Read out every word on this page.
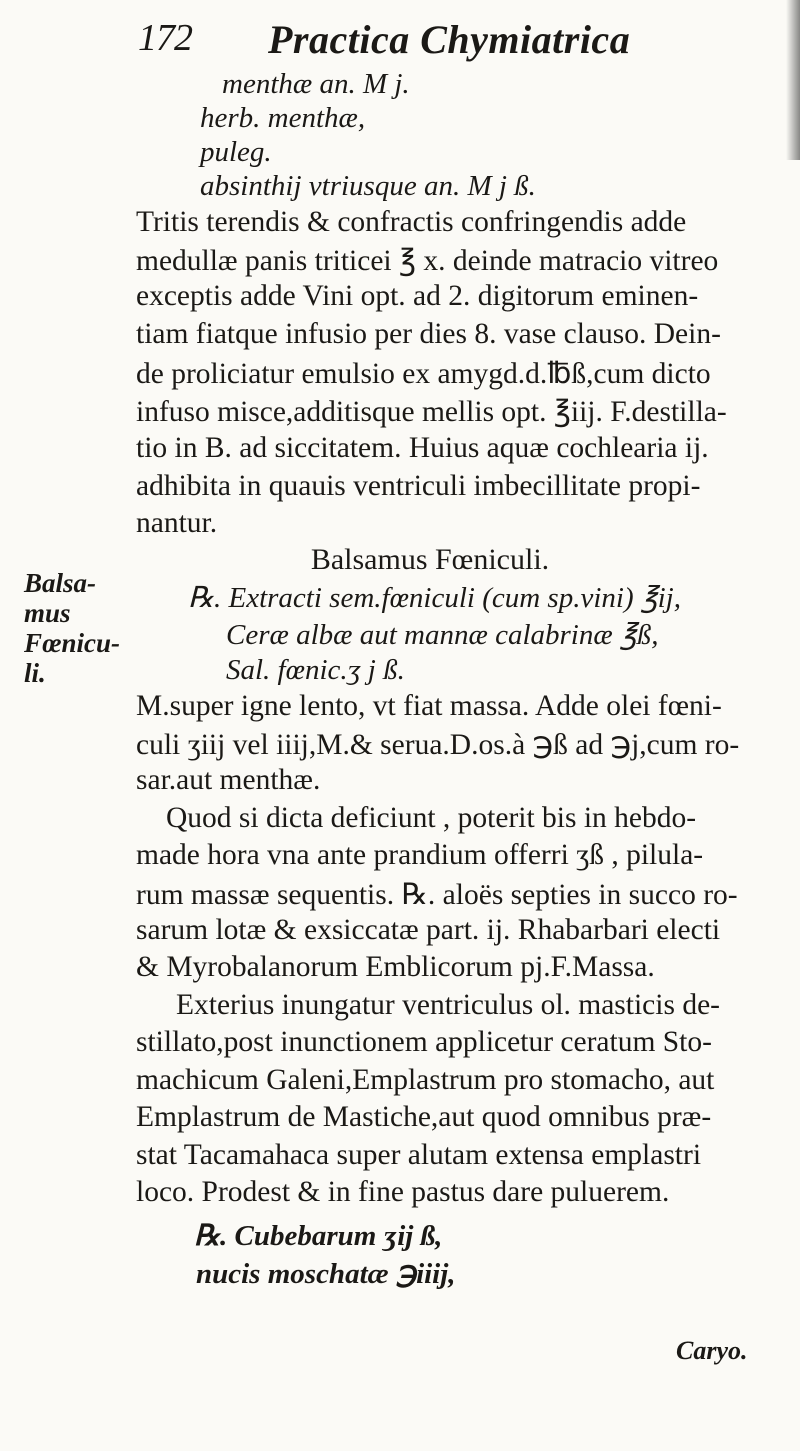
172 Practica Chymiatrica
menthæ an. M j.
herb. menthæ,
puleg.
absinthij vtriusque an. M j ß.
Tritis terendis & confractis confringendis adde
medullæ panis triticei ℥ x. deinde matracio vitreo
exceptis adde Vini opt. ad 2. digitorum eminen-
tiam fiatque infusio per dies 8. vase clauso. Dein-
de proliciatur emulsio ex amygd.d.℔ß,cum dicto
infuso misce,additisque mellis opt. ℥iij. F.destilla-
tio in B. ad siccitatem. Huius aquæ cochlearia ij.
adhibita in quauis ventriculi imbecillitate propi-
nantur.
Balsamus Fœniculi.
Balsa-
mus
Fœnicu-
li.
℞. Extracti sem.fœniculi (cum sp.vini) ℥ij,
Ceræ albæ aut mannæ calabrinæ ℥ß,
Sal. fœnic.ʒ j ß.
M.super igne lento, vt fiat massa. Adde olei fœni-
culi ʒiij vel iiij,M.& serua.D.os.à ℈ß ad ℈j,cum ro-
sar.aut menthæ.
Quod si dicta deficiunt , poterit bis in hebdo-
made hora vna ante prandium offerri ʒß , pilula-
rum massæ sequentis. ℞. aloës septies in succo ro-
sarum lotæ & exsiccatæ part. ij. Rhabarbari electi
& Myrobalanorum Emblicorum pj.F.Massa.
Exterius inungatur ventriculus ol. masticis de-
stillato,post inunctionem applicetur ceratum Sto-
machicum Galeni,Emplastrum pro stomacho, aut
Emplastrum de Mastiche,aut quod omnibus præ-
stat Tacamahaca super alutam extensa emplastri
loco. Prodest & in fine pastus dare puluerem.
℞. Cubebarum ʒij ß,
nucis moschatæ ℈iiij,
Caryo.
